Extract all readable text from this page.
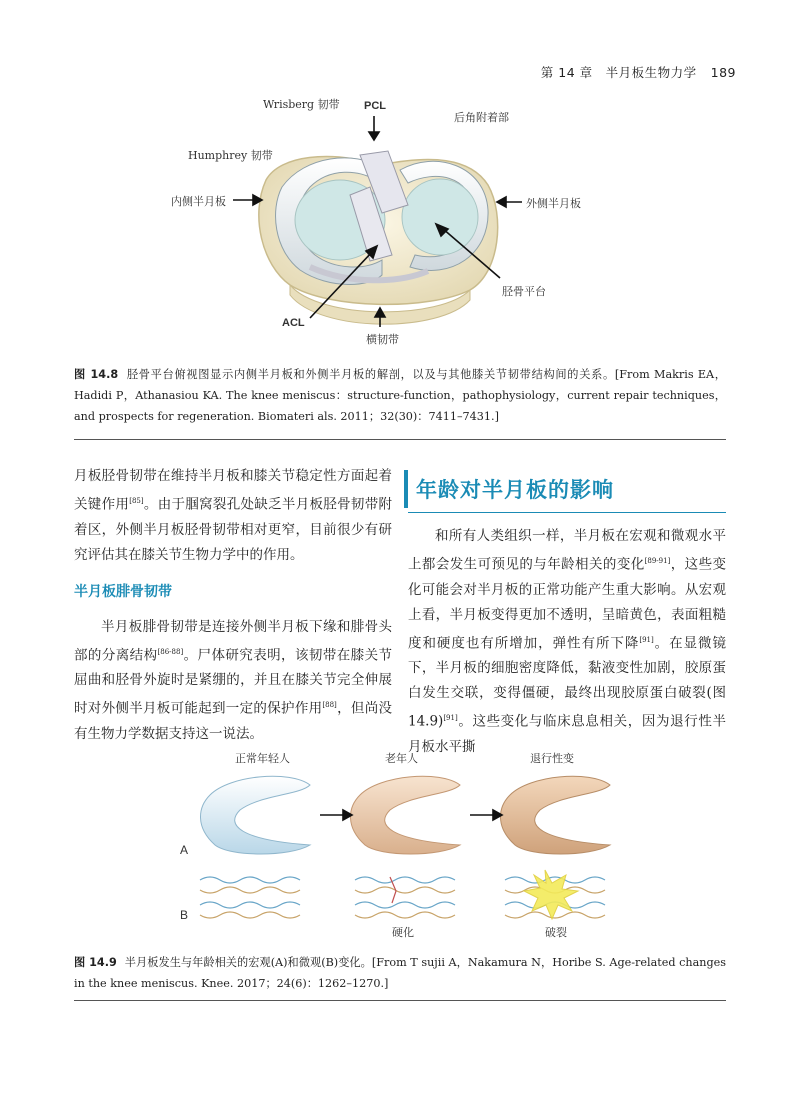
第 14 章　半月板生物力学 189
Wrisberg 韧带 PCL
后角附着部
Humphrey 韧带
内侧半月板	外侧半月板
胫骨平台
ACL
横韧带
图 14.8 胫骨平台俯视图显示内侧半月板和外侧半月板的解剖，以及与其他膝关节韧带结构间的关系。[From Makris EA，Hadidi P，Athanasiou KA. The knee meniscus：structure-function，pathophysiology，current repair techniques，and prospects for regeneration. Biomateri als. 2011；32(30)：7411–7431.]

月板胫骨韧带在维持半月板和膝关节稳定性方面起着关键作用[85]。由于腘窝裂孔处缺乏半月板胫骨韧带附着区，外侧半月板胫骨韧带相对更窄，目前很少有研究评估其在膝关节生物力学中的作用。

半月板腓骨韧带

半月板腓骨韧带是连接外侧半月板下缘和腓骨头部的分离结构[86-88]。尸体研究表明，该韧带在膝关节屈曲和胫骨外旋时是紧绷的，并且在膝关节完全伸展时对外侧半月板可能起到一定的保护作用[88]，但尚没有生物力学数据支持这一说法。

年龄对半月板的影响

和所有人类组织一样，半月板在宏观和微观水平上都会发生可预见的与年龄相关的变化[89-91]，这些变化可能会对半月板的正常功能产生重大影响。从宏观上看，半月板变得更加不透明，呈暗黄色，表面粗糙度和硬度也有所增加，弹性有所下降[91]。在显微镜下，半月板的细胞密度降低，黏液变性加剧，胶原蛋白发生交联，变得僵硬，最终出现胶原蛋白破裂(图 14.9)[91]。这些变化与临床息息相关，因为退行性半月板水平撕

正常年轻人	老年人	退行性变
A
B
硬化	破裂
图 14.9 半月板发生与年龄相关的宏观(A)和微观(B)变化。[From T sujii A，Nakamura N，Horibe S. Age-related changes in the knee meniscus. Knee. 2017；24(6)：1262–1270.]
